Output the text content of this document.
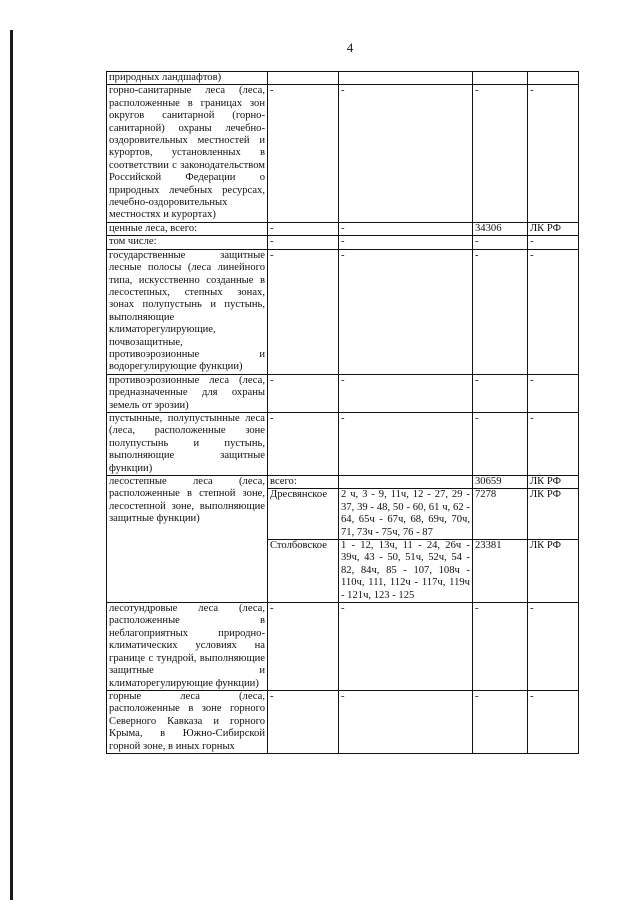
4
природных ландшафтов)				
горно-санитарные леса (леса, расположенные в границах зон округов санитарной (горно-санитарной) охраны лечебно-оздоровительных местностей и курортов, установленных в соответствии с законодательством Российской Федерации о природных лечебных ресурсах, лечебно-оздоровительных местностях и курортах)	-	-	-	-
ценные леса, всего:	-	-	34306	ЛК РФ
том числе:	-	-	-	-
государственные защитные лесные полосы (леса линейного типа, искусственно созданные в лесостепных, степных зонах, зонах полупустынь и пустынь, выполняющие климаторегулирующие, почвозащитные, противоэрозионные и водорегулирующие функции)	-	-	-	-
противоэрозионные леса (леса, предназначенные для охраны земель от эрозии)	-	-	-	-
пустынные, полупустынные леса (леса, расположенные зоне полупустынь и пустынь, выполняющие защитные функции)	-	-	-	-
лесостепные леса (леса, расположенные в степной зоне, лесостепной зоне, выполняющие защитные функции)	всего:		30659	ЛК РФ
	Дресвянское	2 ч, 3 - 9, 11ч, 12 - 27, 29 - 37, 39 - 48, 50 - 60, 61 ч, 62 - 64, 65ч - 67ч, 68, 69ч, 70ч, 71, 73ч - 75ч, 76 - 87	7278	ЛК РФ
	Столбовское	1 - 12, 13ч, 11 - 24, 26ч - 39ч, 43 - 50, 51ч, 52ч, 54 - 82, 84ч, 85 - 107, 108ч - 110ч, 111, 112ч - 117ч, 119ч - 121ч, 123 - 125	23381	ЛК РФ
лесотундровые леса (леса, расположенные в неблагоприятных природно-климатических условиях на границе с тундрой, выполняющие защитные и климаторегулирующие функции)	-	-	-	-
горные леса (леса, расположенные в зоне горного Северного Кавказа и горного Крыма, в Южно-Сибирской горной зоне, в иных горных	-	-	-	-
